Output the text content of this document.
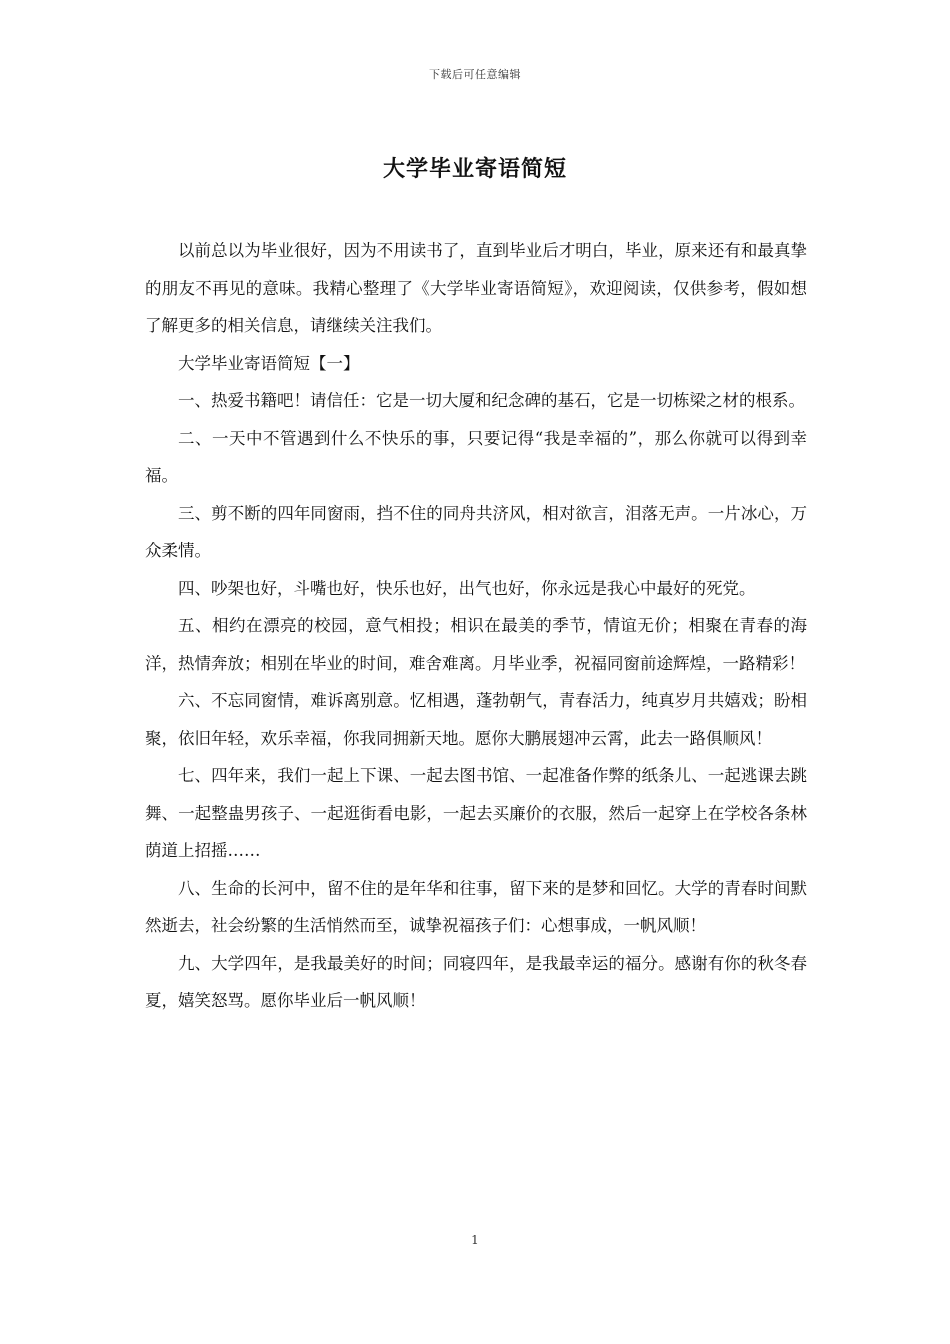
下载后可任意编辑
大学毕业寄语简短

以前总以为毕业很好，因为不用读书了，直到毕业后才明白，毕业，原来还有和最真挚的朋友不再见的意味。我精心整理了《大学毕业寄语简短》，欢迎阅读，仅供参考，假如想了解更多的相关信息，请继续关注我们。

大学毕业寄语简短【一】

一、热爱书籍吧！请信任：它是一切大厦和纪念碑的基石，它是一切栋梁之材的根系。

二、一天中不管遇到什么不快乐的事，只要记得“我是幸福的”，那么你就可以得到幸福。

三、剪不断的四年同窗雨，挡不住的同舟共济风，相对欲言，泪落无声。一片冰心，万众柔情。

四、吵架也好，斗嘴也好，快乐也好，出气也好，你永远是我心中最好的死党。

五、相约在漂亮的校园，意气相投；相识在最美的季节，情谊无价；相聚在青春的海洋，热情奔放；相别在毕业的时间，难舍难离。月毕业季，祝福同窗前途辉煌，一路精彩！

六、不忘同窗情，难诉离别意。忆相遇，蓬勃朝气，青春活力，纯真岁月共嬉戏；盼相聚，依旧年轻，欢乐幸福，你我同拥新天地。愿你大鹏展翅冲云霄，此去一路俱顺风！

七、四年来，我们一起上下课、一起去图书馆、一起准备作弊的纸条儿、一起逃课去跳舞、一起整蛊男孩子、一起逛街看电影，一起去买廉价的衣服，然后一起穿上在学校各条林荫道上招摇……

八、生命的长河中，留不住的是年华和往事，留下来的是梦和回忆。大学的青春时间默然逝去，社会纷繁的生活悄然而至，诚挚祝福孩子们：心想事成，一帆风顺！

九、大学四年，是我最美好的时间；同寝四年，是我最幸运的福分。感谢有你的秋冬春夏，嬉笑怒骂。愿你毕业后一帆风顺！

1
